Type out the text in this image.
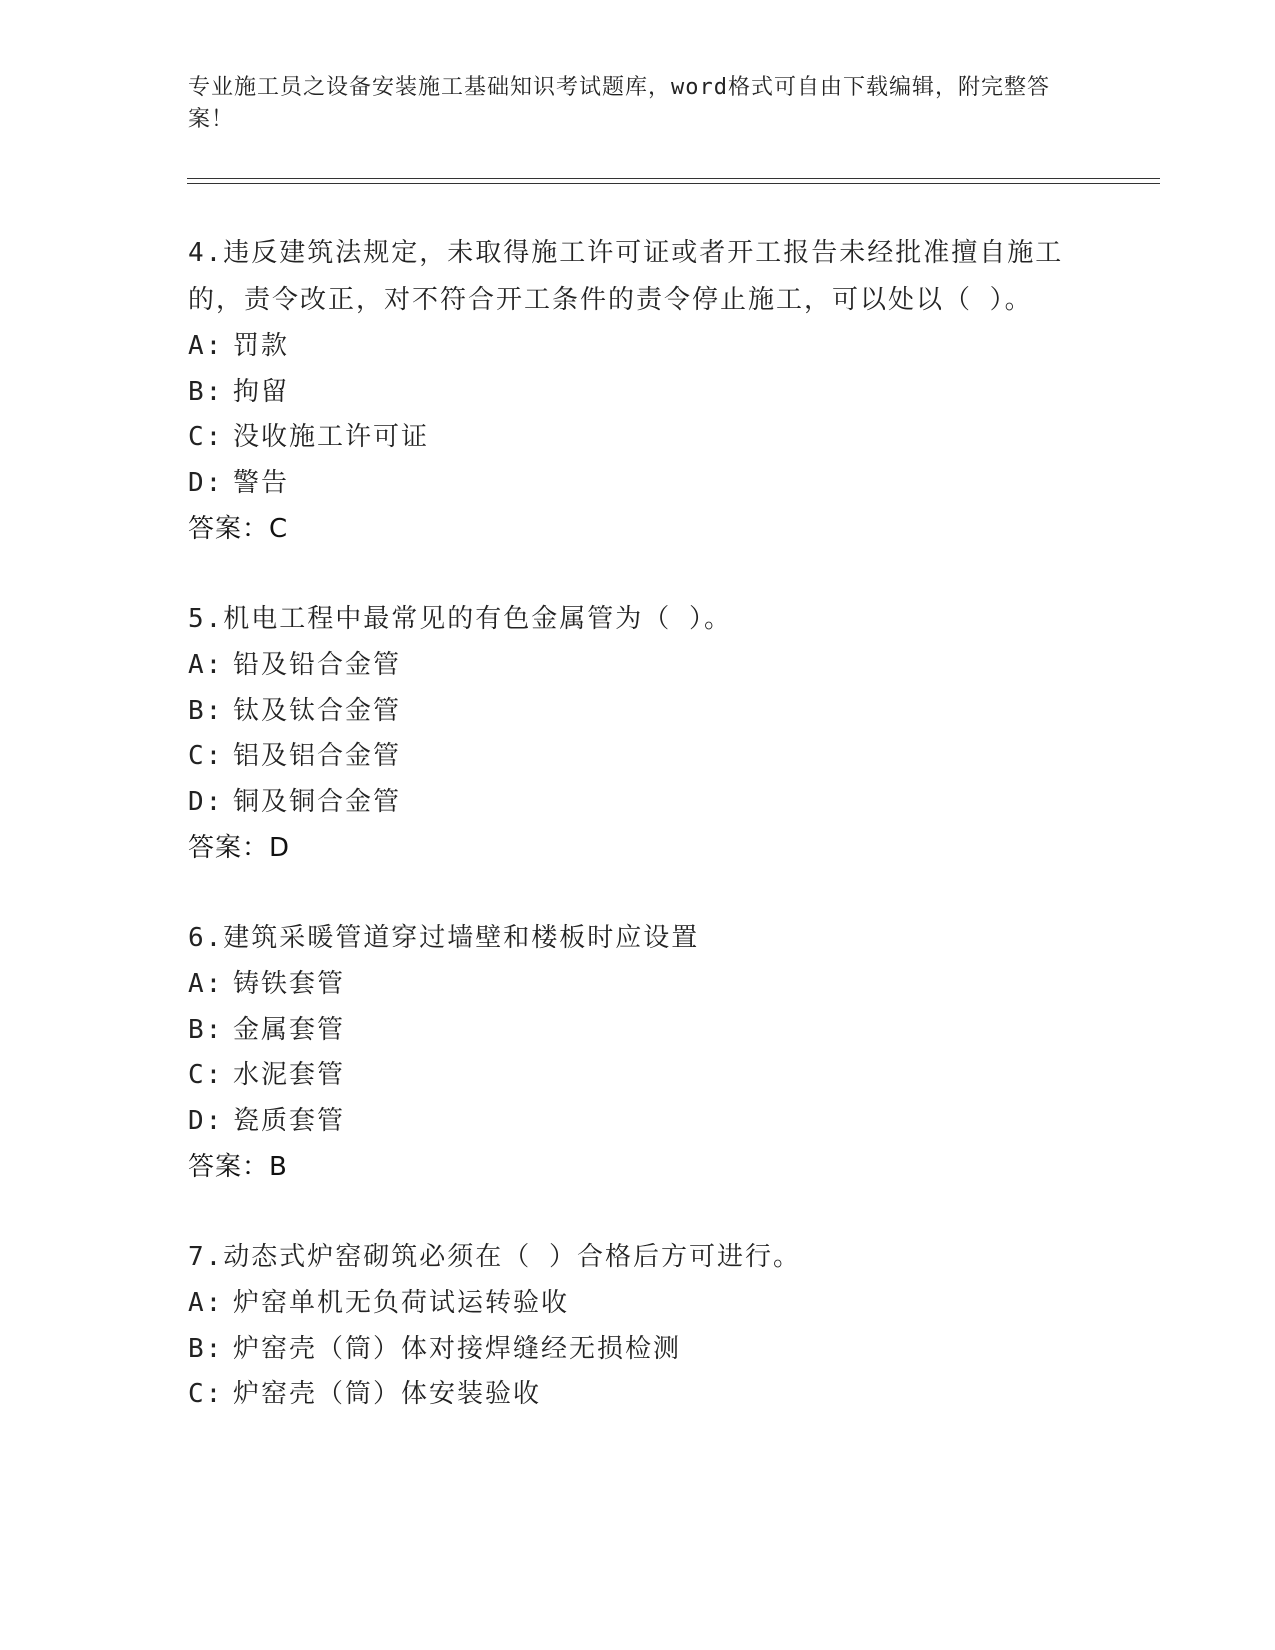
专业施工员之设备安装施工基础知识考试题库，word格式可自由下载编辑，附完整答案！

4.违反建筑法规定，未取得施工许可证或者开工报告未经批准擅自施工的，责令改正，对不符合开工条件的责令停止施工，可以处以（ ）。

A: 罚款
B: 拘留
C: 没收施工许可证
D: 警告
答案：C

5.机电工程中最常见的有色金属管为（ ）。

A: 铅及铅合金管
B: 钛及钛合金管
C: 铝及铝合金管
D: 铜及铜合金管
答案：D

6.建筑采暖管道穿过墙壁和楼板时应设置

A: 铸铁套管
B: 金属套管
C: 水泥套管
D: 瓷质套管
答案：B

7.动态式炉窑砌筑必须在（ ）合格后方可进行。

A: 炉窑单机无负荷试运转验收
B: 炉窑壳（筒）体对接焊缝经无损检测
C: 炉窑壳（筒）体安装验收
